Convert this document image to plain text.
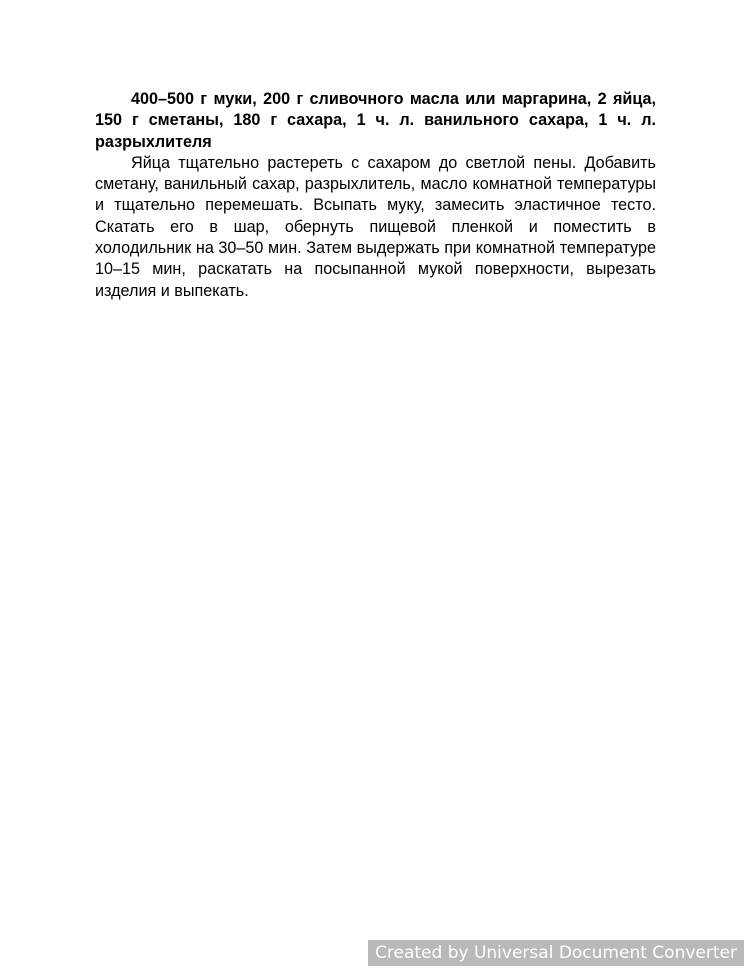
400–500 г муки, 200 г сливочного масла или маргарина, 2 яйца, 150 г сметаны, 180 г сахара, 1 ч. л. ванильного сахара, 1 ч. л. разрыхлителя

Яйца тщательно растереть с сахаром до светлой пены. Добавить сметану, ванильный сахар, разрыхлитель, масло комнатной температуры и тщательно перемешать. Всыпать муку, замесить эластичное тесто. Скатать его в шар, обернуть пищевой пленкой и поместить в холодильник на 30–50 мин. Затем выдержать при комнатной температуре 10–15 мин, раскатать на посыпанной мукой поверхности, вырезать изделия и выпекать.

Created by Universal Document Converter
